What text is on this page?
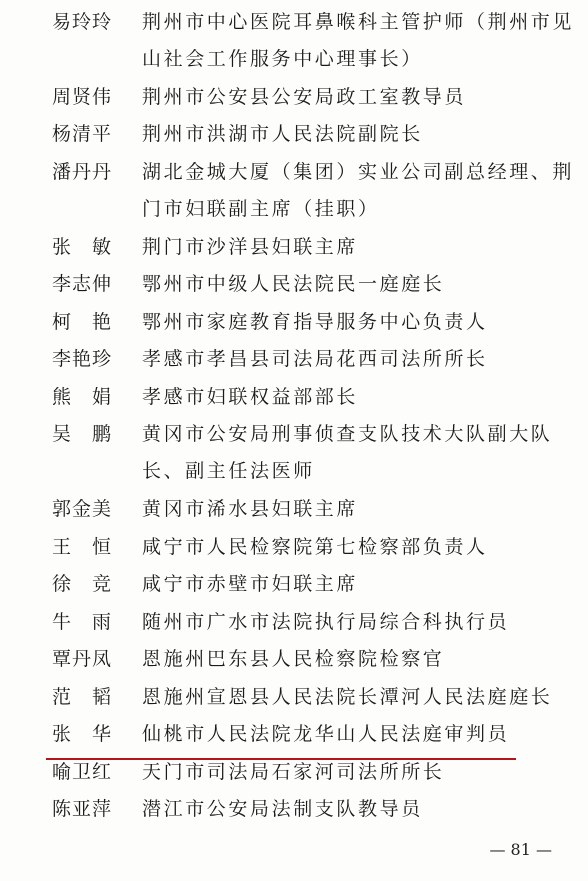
易玲玲	荆州市中心医院耳鼻喉科主管护师（荆州市见山社会工作服务中心理事长）
周贤伟	荆州市公安县公安局政工室教导员
杨清平	荆州市洪湖市人民法院副院长
潘丹丹	湖北金城大厦（集团）实业公司副总经理、荆门市妇联副主席（挂职）
张　敏	荆门市沙洋县妇联主席
李志伸	鄂州市中级人民法院民一庭庭长
柯　艳	鄂州市家庭教育指导服务中心负责人
李艳珍	孝感市孝昌县司法局花西司法所所长
熊　娟	孝感市妇联权益部部长
吴　鹏	黄冈市公安局刑事侦查支队技术大队副大队长、副主任法医师
郭金美	黄冈市浠水县妇联主席
王　恒	咸宁市人民检察院第七检察部负责人
徐　竞	咸宁市赤壁市妇联主席
牛　雨	随州市广水市法院执行局综合科执行员
覃丹凤	恩施州巴东县人民检察院检察官
范　韬	恩施州宣恩县人民法院长潭河人民法庭庭长
张　华	仙桃市人民法院龙华山人民法庭审判员
喻卫红	天门市司法局石家河司法所所长
陈亚萍	潜江市公安局法制支队教导员
— 81 —
